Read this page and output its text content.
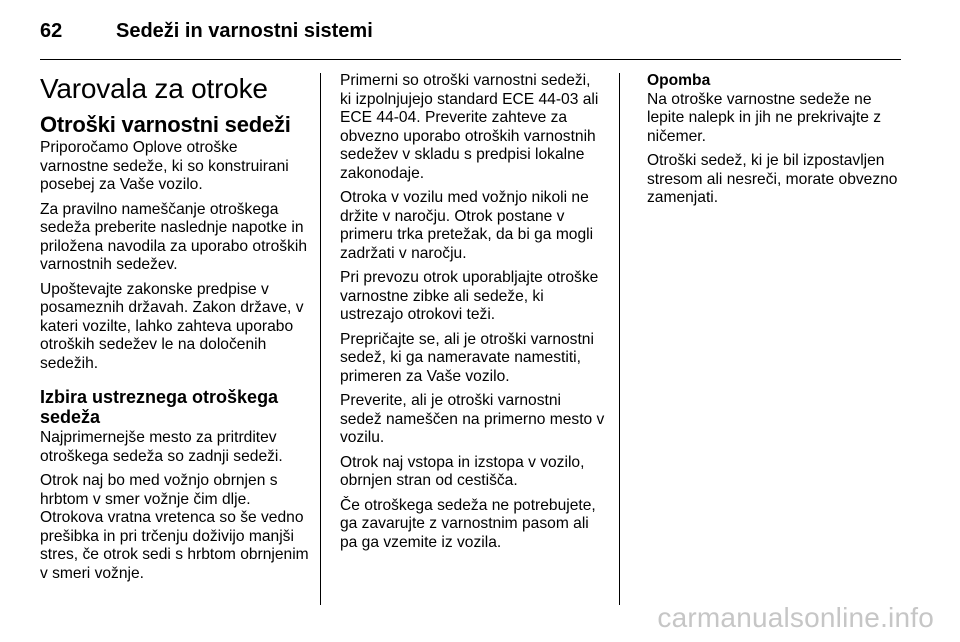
62	Sedeži in varnostni sistemi
Varovala za otroke
Otroški varnostni sedeži

Priporočamo Oplove otroške varnostne sedeže, ki so konstruirani posebej za Vaše vozilo.

Za pravilno nameščanje otroškega sedeža preberite naslednje napotke in priložena navodila za uporabo otroških varnostnih sedežev.

Upoštevajte zakonske predpise v posameznih državah. Zakon države, v kateri vozilte, lahko zahteva uporabo otroških sedežev le na določenih sedežih.

Izbira ustreznega otroškega sedeža

Najprimernejše mesto za pritrditev otroškega sedeža so zadnji sedeži.

Otrok naj bo med vožnjo obrnjen s hrbtom v smer vožnje čim dlje.

Otrokova vratna vretenca so še vedno prešibka in pri trčenju doživijo manjši stres, če otrok sedi s hrbtom obrnjenim v smeri vožnje.

Primerni so otroški varnostni sedeži, ki izpolnjujejo standard ECE 44-03 ali ECE 44-04. Preverite zahteve za obvezno uporabo otroških varnostnih sedežev v skladu s predpisi lokalne zakonodaje.

Otroka v vozilu med vožnjo nikoli ne držite v naročju. Otrok postane v primeru trka pretežak, da bi ga mogli zadržati v naročju.

Pri prevozu otrok uporabljajte otroške varnostne zibke ali sedeže, ki ustrezajo otrokovi teži.

Prepričajte se, ali je otroški varnostni sedež, ki ga nameravate namestiti, primeren za Vaše vozilo.

Preverite, ali je otroški varnostni sedež nameščen na primerno mesto v vozilu.

Otrok naj vstopa in izstopa v vozilo, obrnjen stran od cestišča.

Če otroškega sedeža ne potrebujete, ga zavarujte z varnostnim pasom ali pa ga vzemite iz vozila.

Opomba

Na otroške varnostne sedeže ne lepite nalepk in jih ne prekrivajte z ničemer.

Otroški sedež, ki je bil izpostavljen stresom ali nesreči, morate obvezno zamenjati.

carmanualsonline.info
